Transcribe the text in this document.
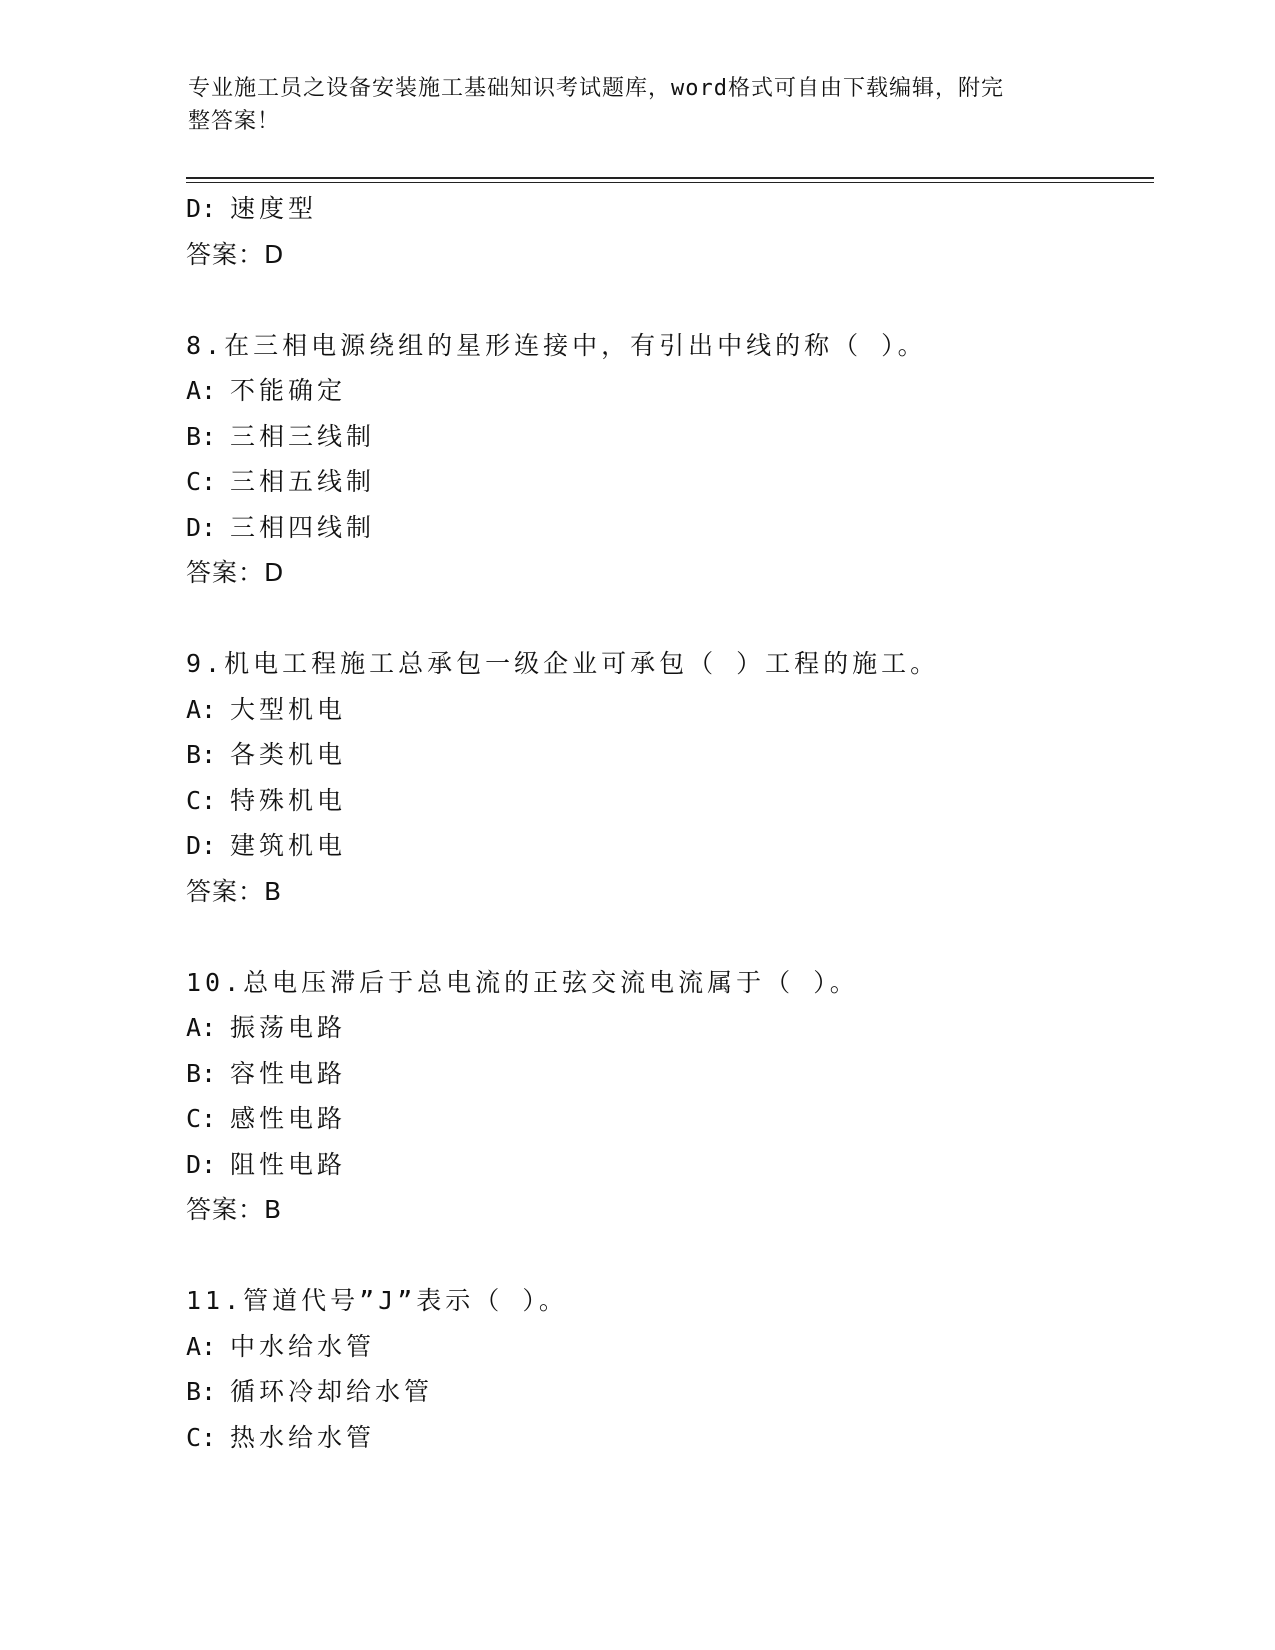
专业施工员之设备安装施工基础知识考试题库，word格式可自由下载编辑，附完
整答案！
D: 速度型
答案：D
8.在三相电源绕组的星形连接中，有引出中线的称（ ）。
A: 不能确定
B: 三相三线制
C: 三相五线制
D: 三相四线制
答案：D
9.机电工程施工总承包一级企业可承包（ ）工程的施工。
A: 大型机电
B: 各类机电
C: 特殊机电
D: 建筑机电
答案：B
10.总电压滞后于总电流的正弦交流电流属于（ ）。
A: 振荡电路
B: 容性电路
C: 感性电路
D: 阻性电路
答案：B
11.管道代号”J”表示（ ）。
A: 中水给水管
B: 循环冷却给水管
C: 热水给水管
